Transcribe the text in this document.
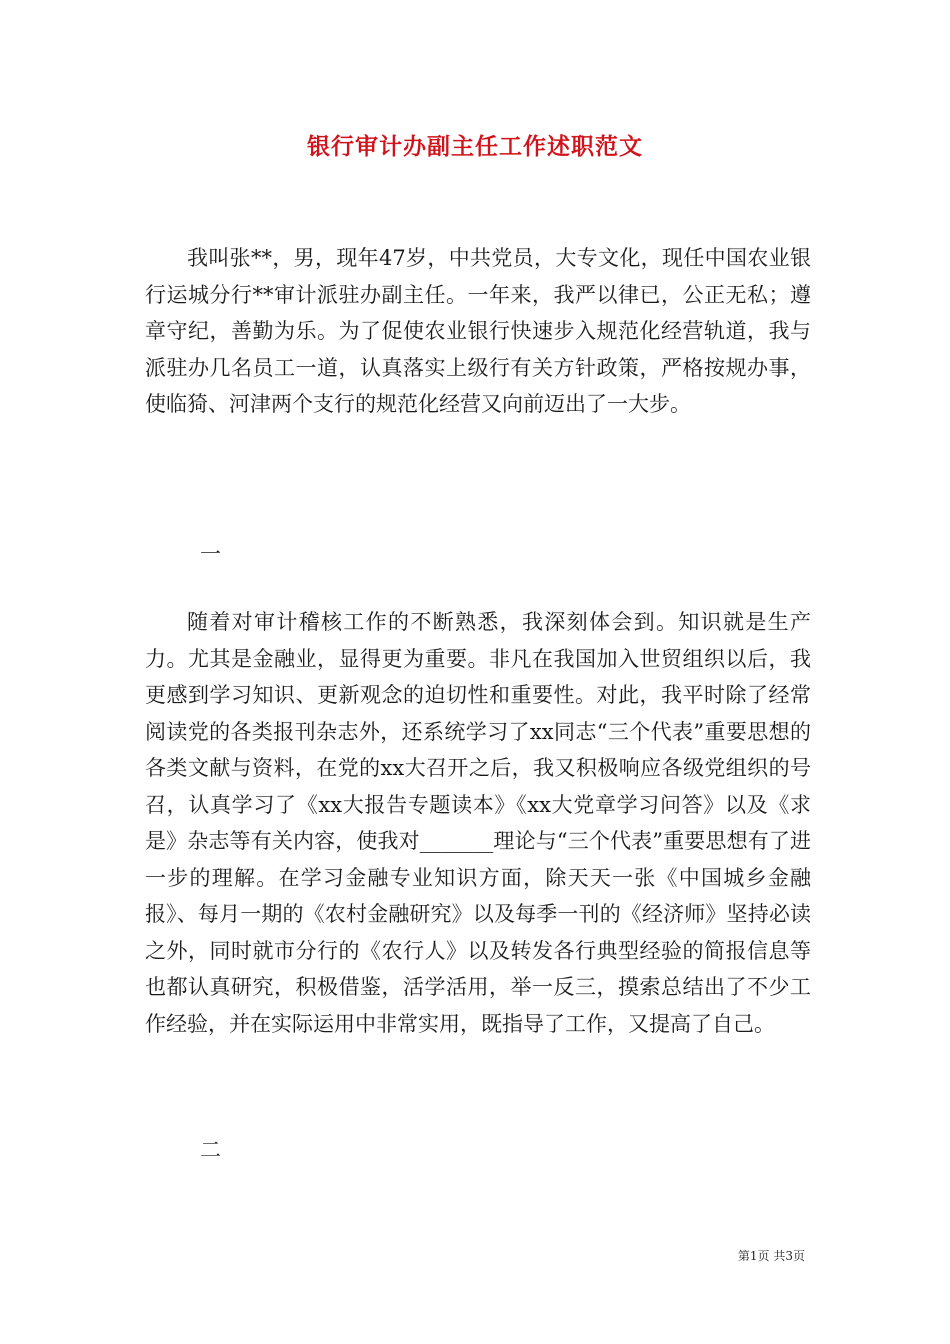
银行审计办副主任工作述职范文

我叫张**，男，现年47岁，中共党员，大专文化，现任中国农业银行运城分行**审计派驻办副主任。一年来，我严以律已，公正无私；遵章守纪，善勤为乐。为了促使农业银行快速步入规范化经营轨道，我与派驻办几名员工一道，认真落实上级行有关方针政策，严格按规办事，使临猗、河津两个支行的规范化经营又向前迈出了一大步。

一

随着对审计稽核工作的不断熟悉，我深刻体会到。知识就是生产力。尤其是金融业，显得更为重要。非凡在我国加入世贸组织以后，我更感到学习知识、更新观念的迫切性和重要性。对此，我平时除了经常阅读党的各类报刊杂志外，还系统学习了xx同志“三个代表”重要思想的各类文献与资料，在党的xx大召开之后，我又积极响应各级党组织的号召，认真学习了《xx大报告专题读本》《xx大党章学习问答》以及《求是》杂志等有关内容，使我对_______理论与“三个代表”重要思想有了进一步的理解。在学习金融专业知识方面，除天天一张《中国城乡金融报》、每月一期的《农村金融研究》以及每季一刊的《经济师》坚持必读之外，同时就市分行的《农行人》以及转发各行典型经验的简报信息等也都认真研究，积极借鉴，活学活用，举一反三，摸索总结出了不少工作经验，并在实际运用中非常实用，既指导了工作，又提高了自己。

二

第1页 共3页
